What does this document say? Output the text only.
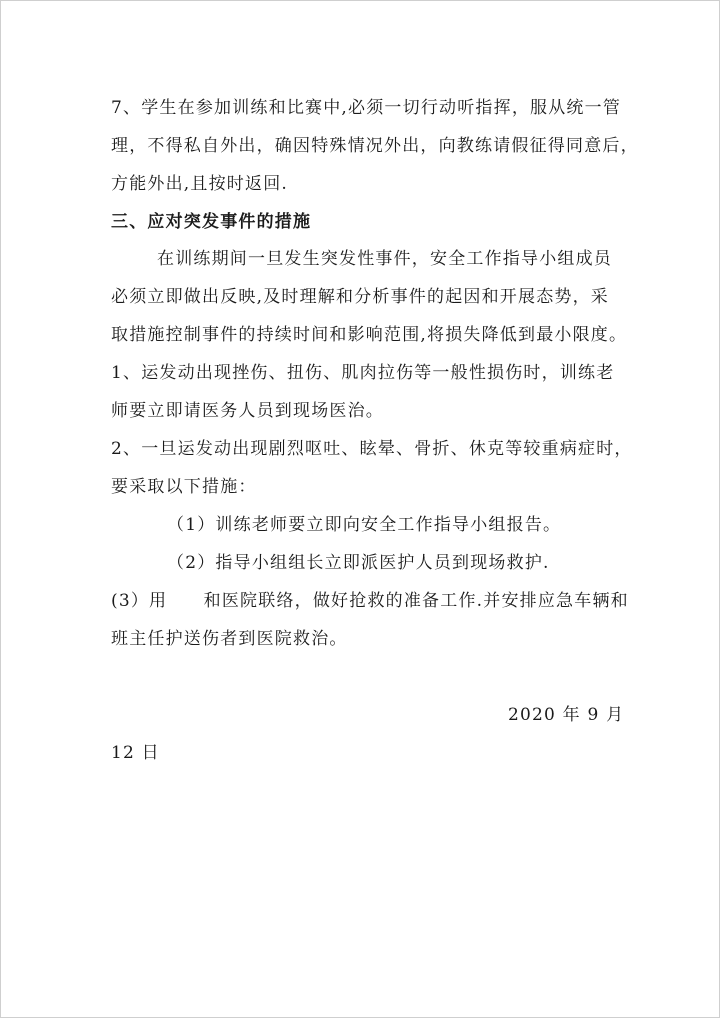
7、学生在参加训练和比赛中,必须一切行动听指挥，服从统一管
理，不得私自外出，确因特殊情况外出，向教练请假征得同意后，
方能外出,且按时返回.
三、应对突发事件的措施
在训练期间一旦发生突发性事件，安全工作指导小组成员
必须立即做出反映,及时理解和分析事件的起因和开展态势，采
取措施控制事件的持续时间和影响范围,将损失降低到最小限度。
1、运发动出现挫伤、扭伤、肌肉拉伤等一般性损伤时，训练老
师要立即请医务人员到现场医治。
2、一旦运发动出现剧烈呕吐、眩晕、骨折、休克等较重病症时，
要采取以下措施：
（1）训练老师要立即向安全工作指导小组报告。
（2）指导小组组长立即派医护人员到现场救护.
(3）用　　和医院联络，做好抢救的准备工作.并安排应急车辆和
班主任护送伤者到医院救治。
2020 年 9 月
12 日
